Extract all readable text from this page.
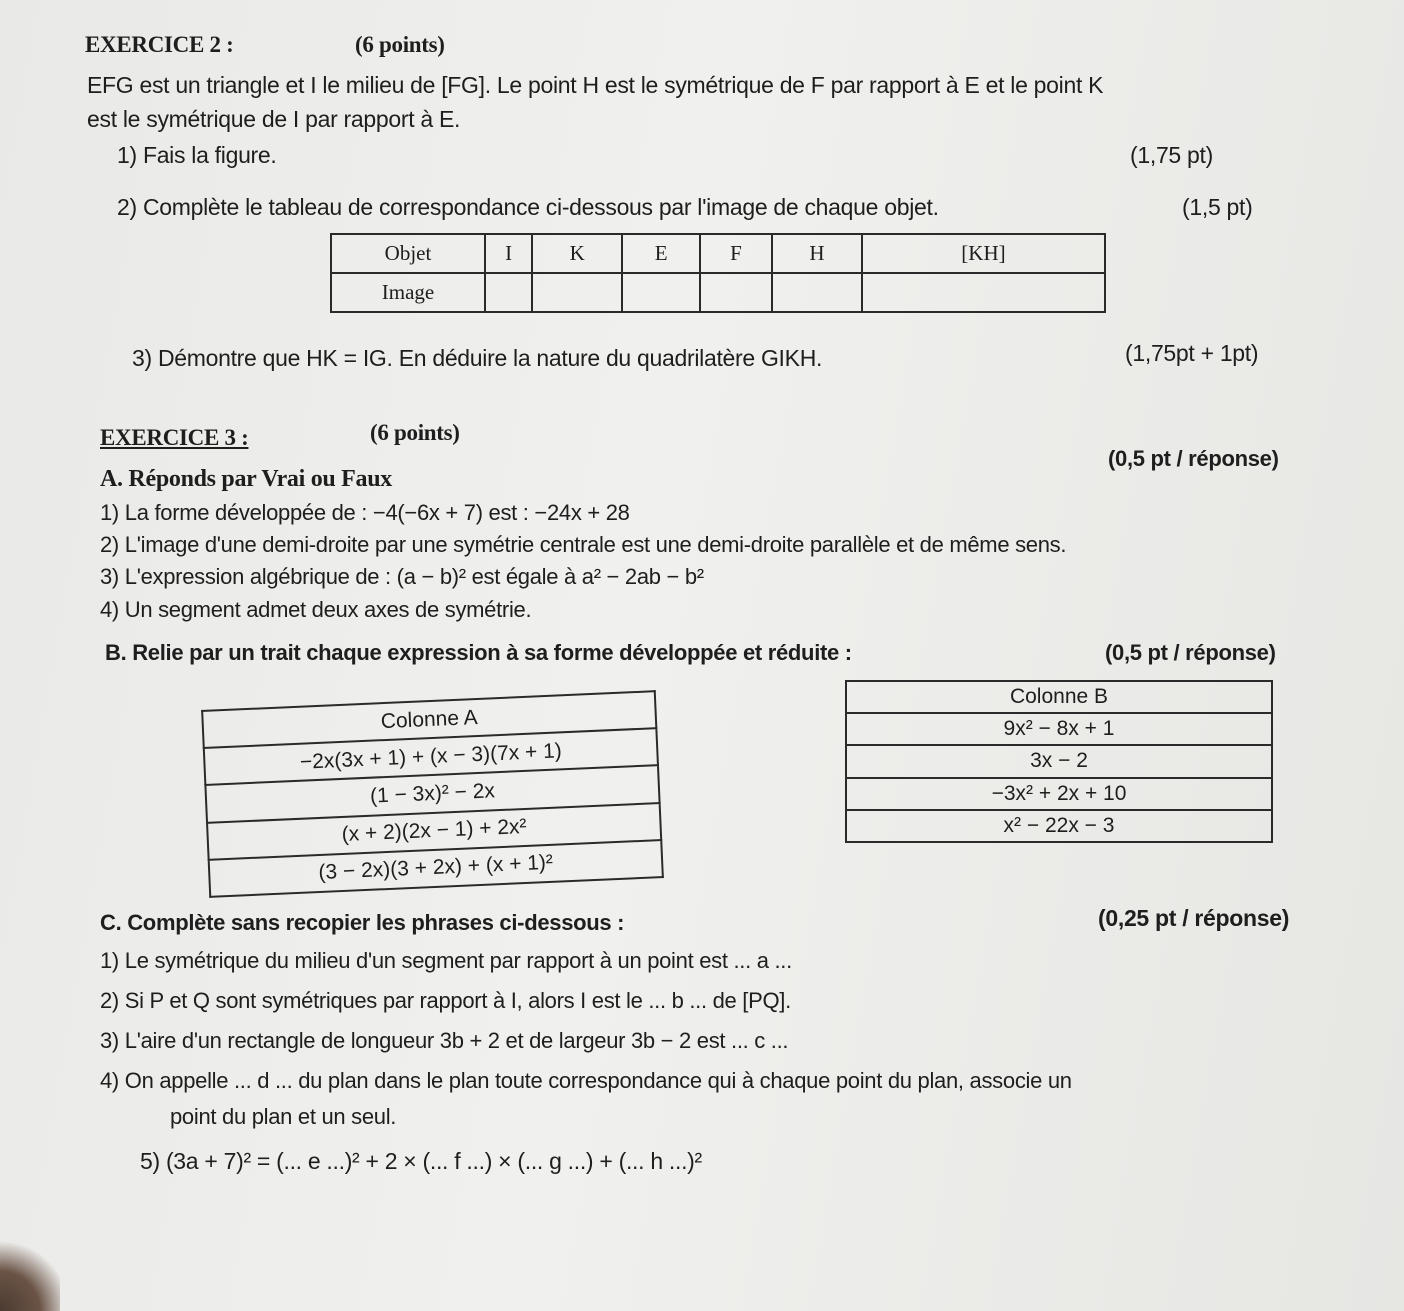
EXERCICE 2 :	(6 points)
EFG est un triangle et I le milieu de [FG]. Le point H est le symétrique de F par rapport à E et le point K
est le symétrique de I par rapport à E.
1) Fais la figure.	(1,75 pt)
2) Complète le tableau de correspondance ci-dessous par l'image de chaque objet.	(1,5 pt)
Objet	I	K	E	F	H	[KH]
Image						
3) Démontre que HK = IG. En déduire la nature du quadrilatère GIKH.	(1,75pt + 1pt)
EXERCICE 3 :	(6 points)
(0,5 pt / réponse)
A. Réponds par Vrai ou Faux
1) La forme développée de : −4(−6x + 7) est : −24x + 28
2) L'image d'une demi-droite par une symétrie centrale est une demi-droite parallèle et de même sens.
3) L'expression algébrique de : (a − b)² est égale à a² − 2ab − b²
4) Un segment admet deux axes de symétrie.
B. Relie par un trait chaque expression à sa forme développée et réduite :	(0,5 pt / réponse)
Colonne A
−2x(3x + 1) + (x − 3)(7x + 1)
(1 − 3x)² − 2x
(x + 2)(2x − 1) + 2x²
(3 − 2x)(3 + 2x) + (x + 1)²
Colonne B
9x² − 8x + 1
3x − 2
−3x² + 2x + 10
x² − 22x − 3
C. Complète sans recopier les phrases ci-dessous :	(0,25 pt / réponse)
1) Le symétrique du milieu d'un segment par rapport à un point est ... a ...
2) Si P et Q sont symétriques par rapport à I, alors I est le ... b ... de [PQ].
3) L'aire d'un rectangle de longueur 3b + 2 et de largeur 3b − 2 est ... c ...
4) On appelle ... d ... du plan dans le plan toute correspondance qui à chaque point du plan, associe un
point du plan et un seul.
5) (3a + 7)² = (... e ...)² + 2 × (... f ...) × (... g ...) + (... h ...)²
